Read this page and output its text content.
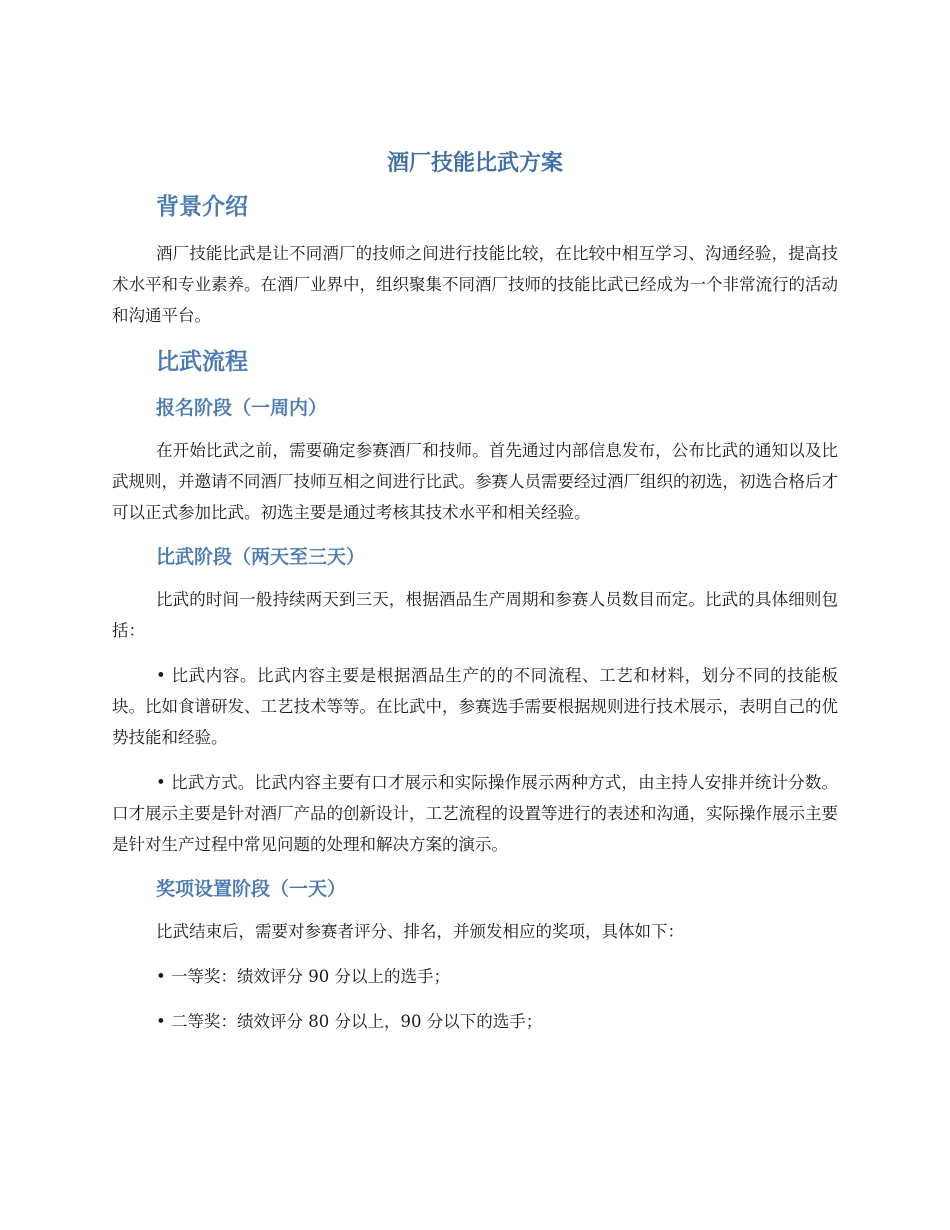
酒厂技能比武方案
背景介绍
酒厂技能比武是让不同酒厂的技师之间进行技能比较，在比较中相互学习、沟通经验，提高技术水平和专业素养。在酒厂业界中，组织聚集不同酒厂技师的技能比武已经成为一个非常流行的活动和沟通平台。
比武流程
报名阶段（一周内）
在开始比武之前，需要确定参赛酒厂和技师。首先通过内部信息发布，公布比武的通知以及比武规则，并邀请不同酒厂技师互相之间进行比武。参赛人员需要经过酒厂组织的初选，初选合格后才可以正式参加比武。初选主要是通过考核其技术水平和相关经验。
比武阶段（两天至三天）
比武的时间一般持续两天到三天，根据酒品生产周期和参赛人员数目而定。比武的具体细则包括：
• 比武内容。比武内容主要是根据酒品生产的的不同流程、工艺和材料，划分不同的技能板块。比如食谱研发、工艺技术等等。在比武中，参赛选手需要根据规则进行技术展示，表明自己的优势技能和经验。
• 比武方式。比武内容主要有口才展示和实际操作展示两种方式，由主持人安排并统计分数。口才展示主要是针对酒厂产品的创新设计，工艺流程的设置等进行的表述和沟通，实际操作展示主要是针对生产过程中常见问题的处理和解决方案的演示。
奖项设置阶段（一天）
比武结束后，需要对参赛者评分、排名，并颁发相应的奖项，具体如下：
• 一等奖：绩效评分 90 分以上的选手；
• 二等奖：绩效评分 80 分以上，90 分以下的选手；
